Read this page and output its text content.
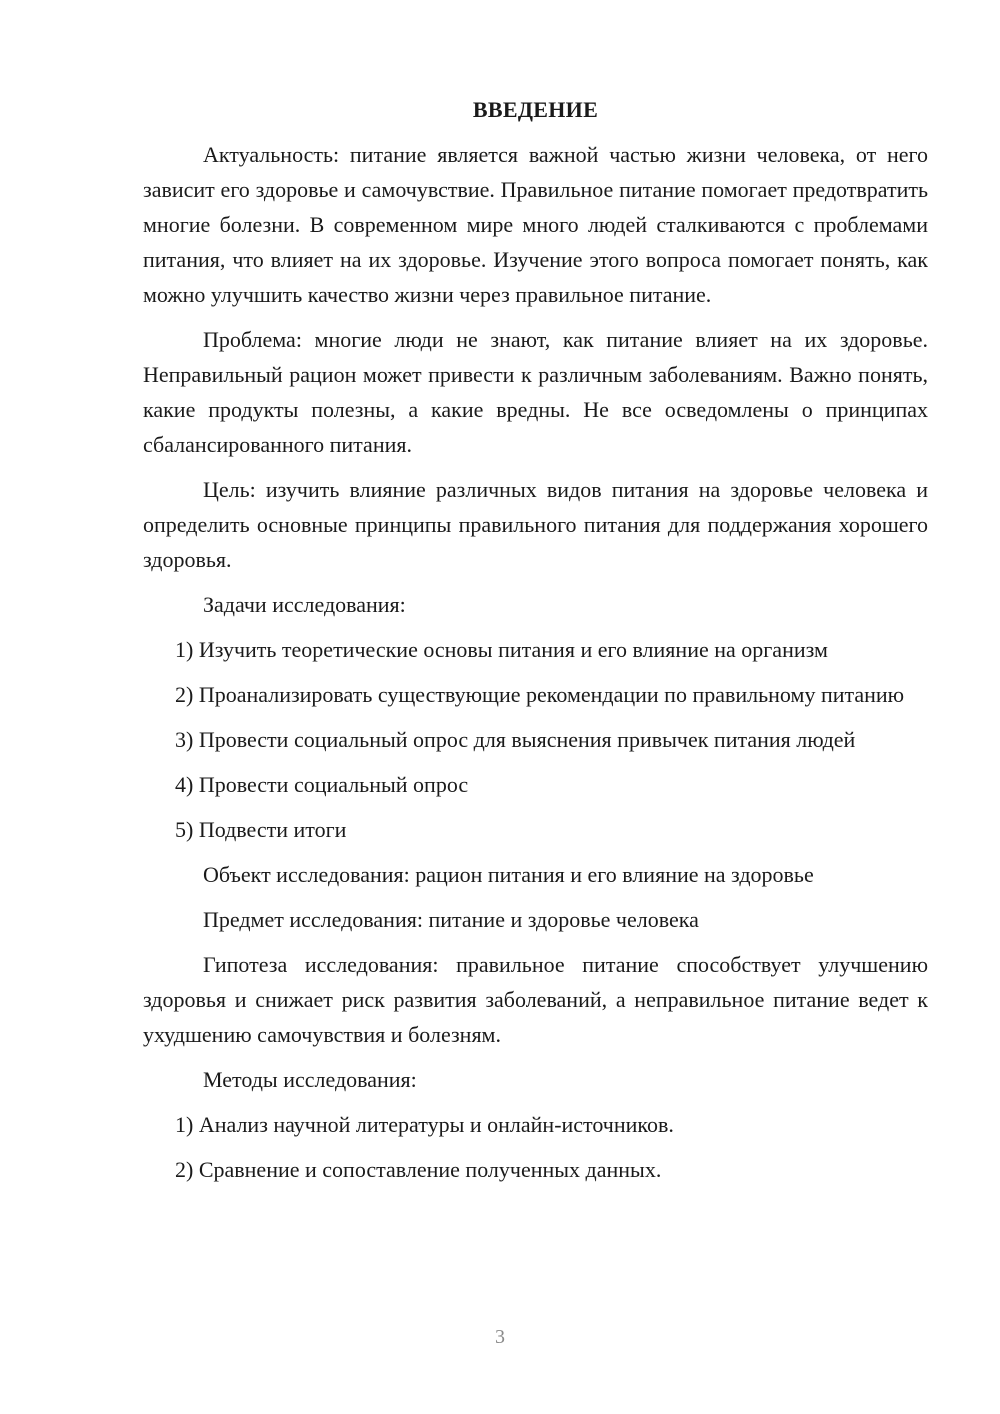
ВВЕДЕНИЕ

Актуальность: питание является важной частью жизни человека, от него зависит его здоровье и самочувствие. Правильное питание помогает предотвратить многие болезни. В современном мире много людей сталкиваются с проблемами питания, что влияет на их здоровье. Изучение этого вопроса помогает понять, как можно улучшить качество жизни через правильное питание.

Проблема: многие люди не знают, как питание влияет на их здоровье. Неправильный рацион может привести к различным заболеваниям. Важно понять, какие продукты полезны, а какие вредны. Не все осведомлены о принципах сбалансированного питания.

Цель: изучить влияние различных видов питания на здоровье человека и определить основные принципы правильного питания для поддержания хорошего здоровья.

Задачи исследования:

1) Изучить теоретические основы питания и его влияние на организм

2) Проанализировать существующие рекомендации по правильному питанию

3) Провести социальный опрос для выяснения привычек питания людей

4) Провести социальный опрос

5) Подвести итоги

Объект исследования: рацион питания и его влияние на здоровье

Предмет исследования: питание и здоровье человека

Гипотеза исследования: правильное питание способствует улучшению здоровья и снижает риск развития заболеваний, а неправильное питание ведет к ухудшению самочувствия и болезням.

Методы исследования:

1) Анализ научной литературы и онлайн-источников.

2) Сравнение и сопоставление полученных данных.

3
